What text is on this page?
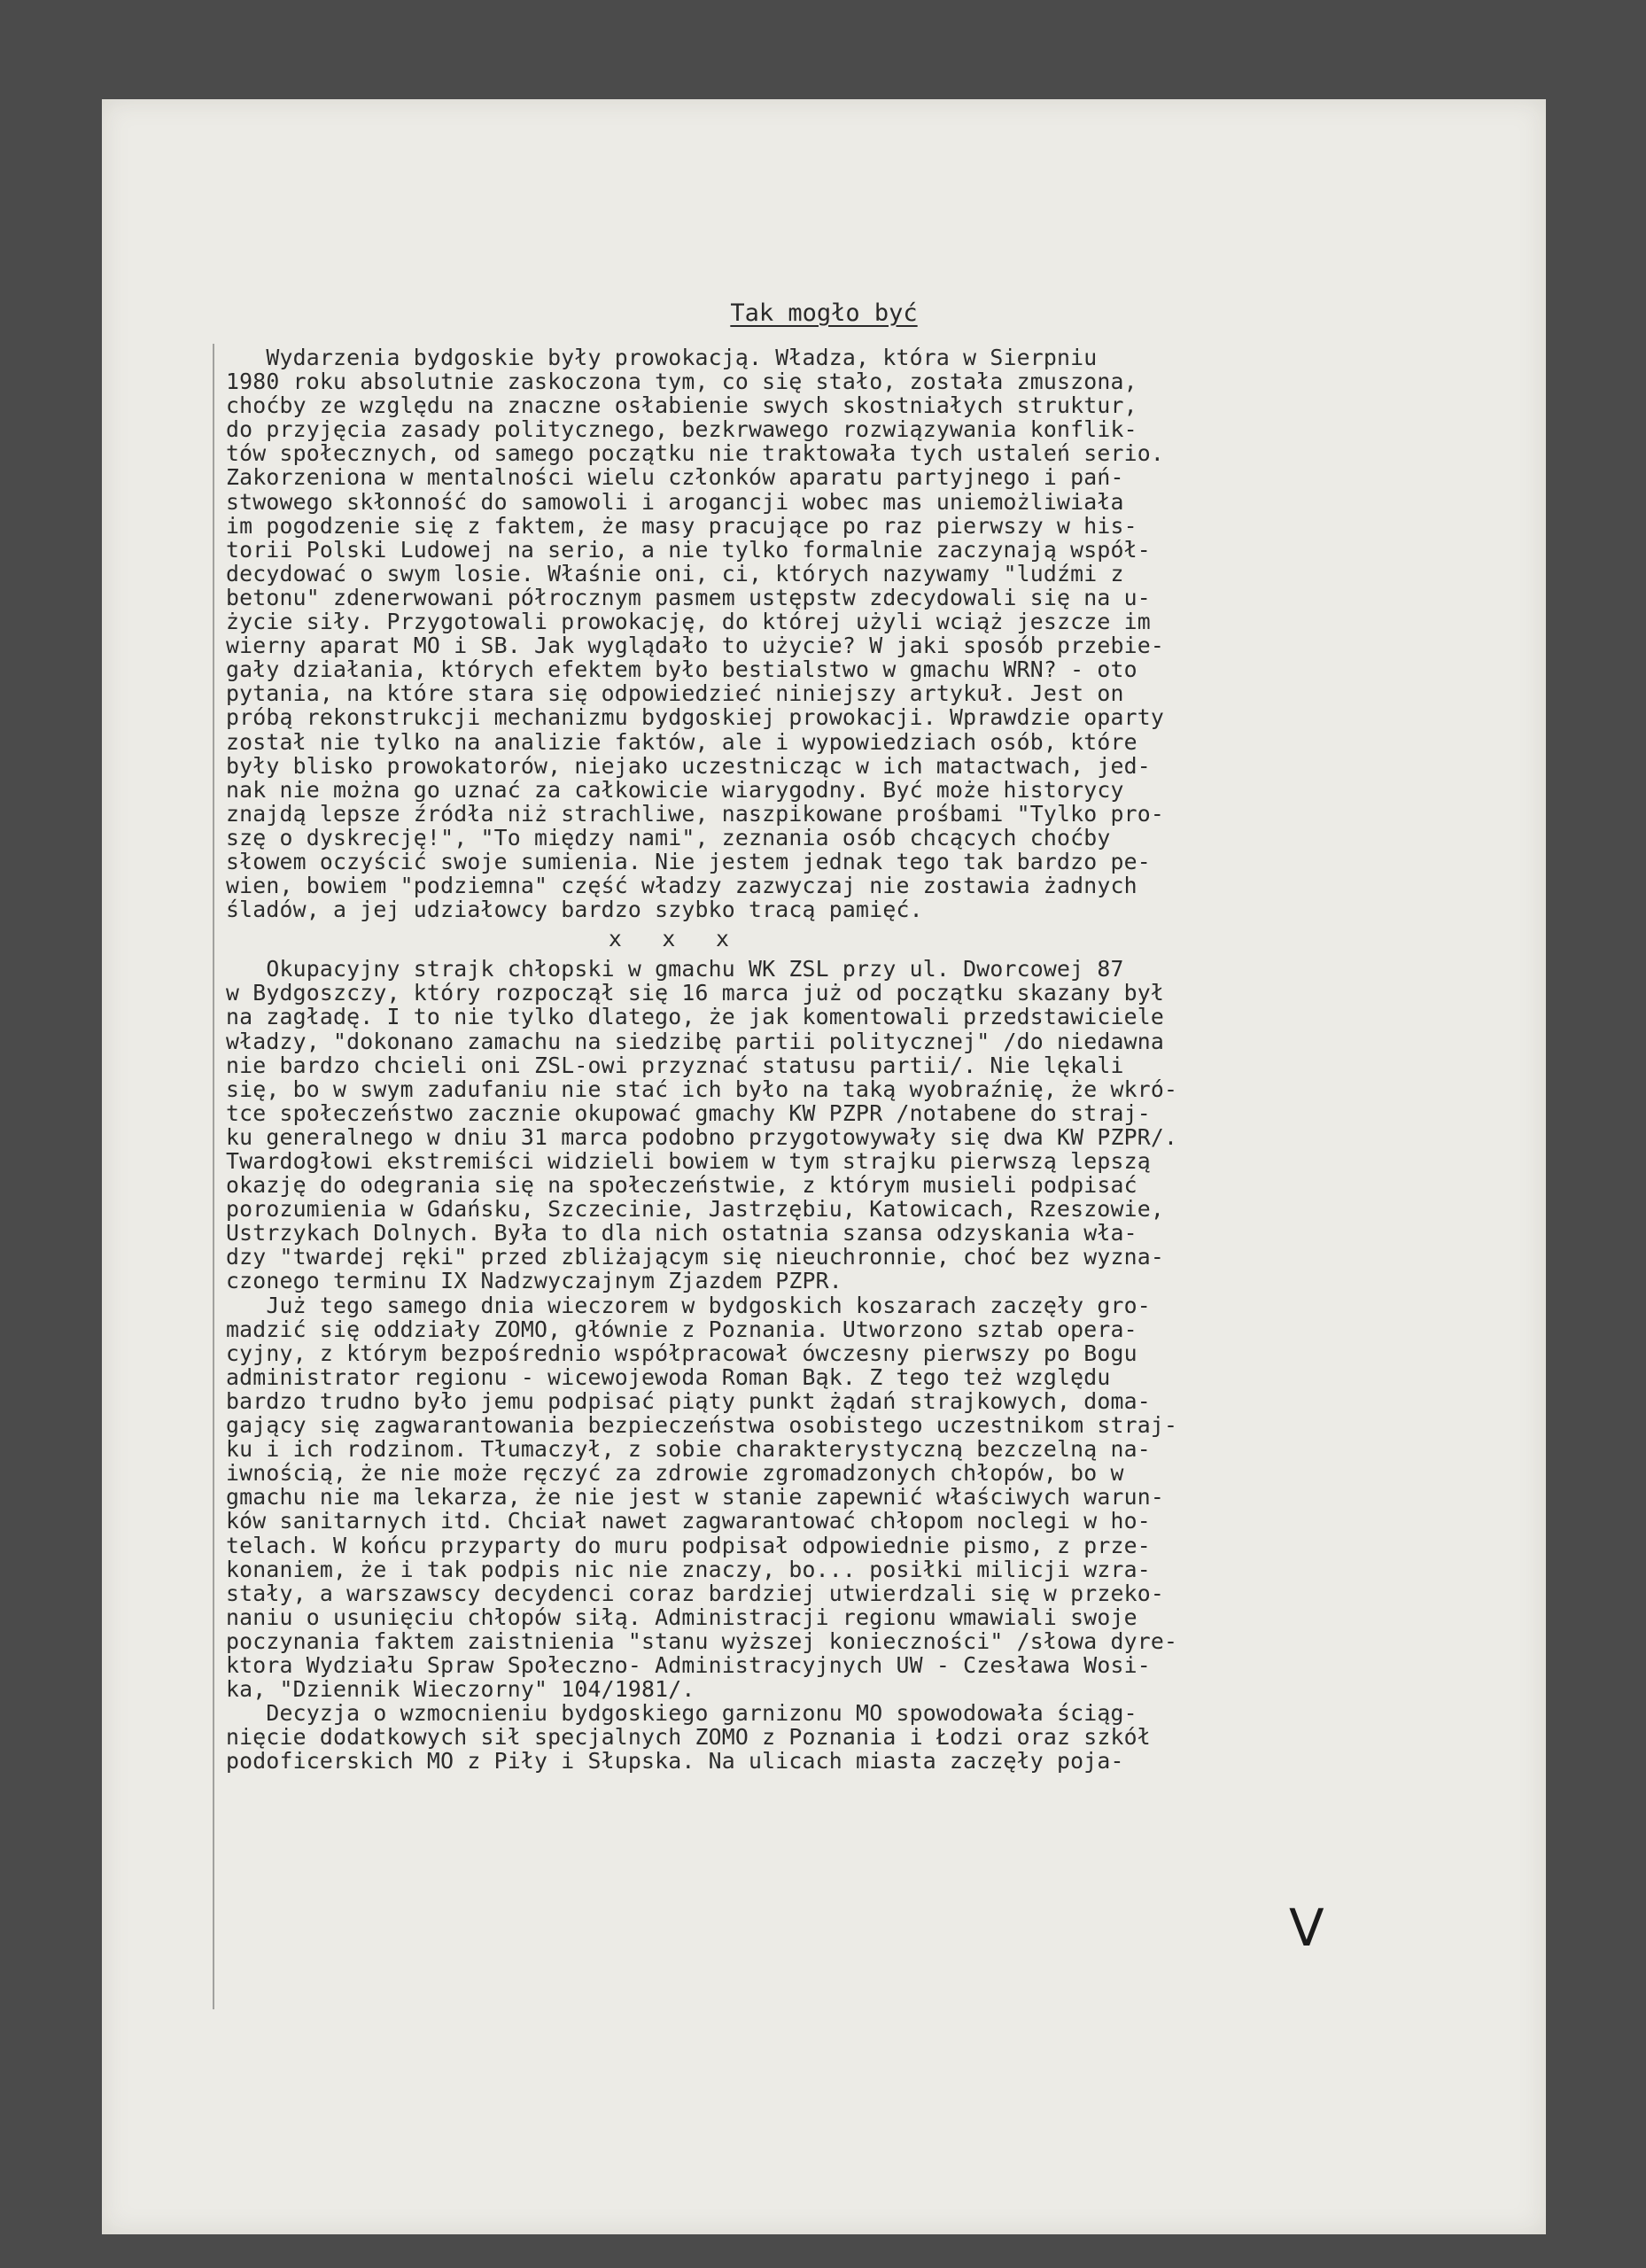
Tak mogło być
Wydarzenia bydgoskie były prowokacją. Władza, która w Sierpniu
1980 roku absolutnie zaskoczona tym, co się stało, została zmuszona,
choćby ze względu na znaczne osłabienie swych skostniałych struktur,
do przyjęcia zasady politycznego, bezkrwawego rozwiązywania konflik-
tów społecznych, od samego początku nie traktowała tych ustaleń serio.
Zakorzeniona w mentalności wielu członków aparatu partyjnego i pań-
stwowego skłonność do samowoli i arogancji wobec mas uniemożliwiała
im pogodzenie się z faktem, że masy pracujące po raz pierwszy w his-
torii Polski Ludowej na serio, a nie tylko formalnie zaczynają współ-
decydować o swym losie. Właśnie oni, ci, których nazywamy "ludźmi z
betonu" zdenerwowani półrocznym pasmem ustępstw zdecydowali się na u-
życie siły. Przygotowali prowokację, do której użyli wciąż jeszcze im
wierny aparat MO i SB. Jak wyglądało to użycie? W jaki sposób przebie-
gały działania, których efektem było bestialstwo w gmachu WRN? - oto
pytania, na które stara się odpowiedzieć niniejszy artykuł. Jest on
próbą rekonstrukcji mechanizmu bydgoskiej prowokacji. Wprawdzie oparty
został nie tylko na analizie faktów, ale i wypowiedziach osób, które
były blisko prowokatorów, niejako uczestnicząc w ich matactwach, jed-
nak nie można go uznać za całkowicie wiarygodny. Być może historycy
znajdą lepsze źródła niż strachliwe, naszpikowane prośbami "Tylko pro-
szę o dyskrecję!", "To między nami", zeznania osób chcących choćby
słowem oczyścić swoje sumienia. Nie jestem jednak tego tak bardzo pe-
wien, bowiem "podziemna" część władzy zazwyczaj nie zostawia żadnych
śladów, a jej udziałowcy bardzo szybko tracą pamięć.
x   x   x
Okupacyjny strajk chłopski w gmachu WK ZSL przy ul. Dworcowej 87
w Bydgoszczy, który rozpoczął się 16 marca już od początku skazany był
na zagładę. I to nie tylko dlatego, że jak komentowali przedstawiciele
władzy, "dokonano zamachu na siedzibę partii politycznej" /do niedawna
nie bardzo chcieli oni ZSL-owi przyznać statusu partii/. Nie lękali
się, bo w swym zadufaniu nie stać ich było na taką wyobraźnię, że wkró-
tce społeczeństwo zacznie okupować gmachy KW PZPR /notabene do straj-
ku generalnego w dniu 31 marca podobno przygotowywały się dwa KW PZPR/.
Twardogłowi ekstremiści widzieli bowiem w tym strajku pierwszą lepszą
okazję do odegrania się na społeczeństwie, z którym musieli podpisać
porozumienia w Gdańsku, Szczecinie, Jastrzębiu, Katowicach, Rzeszowie,
Ustrzykach Dolnych. Była to dla nich ostatnia szansa odzyskania wła-
dzy "twardej ręki" przed zbliżającym się nieuchronnie, choć bez wyzna-
czonego terminu IX Nadzwyczajnym Zjazdem PZPR.
Już tego samego dnia wieczorem w bydgoskich koszarach zaczęły gro-
madzić się oddziały ZOMO, głównie z Poznania. Utworzono sztab opera-
cyjny, z którym bezpośrednio współpracował ówczesny pierwszy po Bogu
administrator regionu - wicewojewoda Roman Bąk. Z tego też względu
bardzo trudno było jemu podpisać piąty punkt żądań strajkowych, doma-
gający się zagwarantowania bezpieczeństwa osobistego uczestnikom straj-
ku i ich rodzinom. Tłumaczył, z sobie charakterystyczną bezczelną na-
iwnością, że nie może ręczyć za zdrowie zgromadzonych chłopów, bo w
gmachu nie ma lekarza, że nie jest w stanie zapewnić właściwych warun-
ków sanitarnych itd. Chciał nawet zagwarantować chłopom noclegi w ho-
telach. W końcu przyparty do muru podpisał odpowiednie pismo, z prze-
konaniem, że i tak podpis nic nie znaczy, bo... posiłki milicji wzra-
stały, a warszawscy decydenci coraz bardziej utwierdzali się w przeko-
naniu o usunięciu chłopów siłą. Administracji regionu wmawiali swoje
poczynania faktem zaistnienia "stanu wyższej konieczności" /słowa dyre-
ktora Wydziału Spraw Społeczno- Administracyjnych UW - Czesława Wosi-
ka, "Dziennik Wieczorny" 104/1981/.
Decyzja o wzmocnieniu bydgoskiego garnizonu MO spowodowała ściąg-
nięcie dodatkowych sił specjalnych ZOMO z Poznania i Łodzi oraz szkół
podoficerskich MO z Piły i Słupska. Na ulicach miasta zaczęły poja-
V
